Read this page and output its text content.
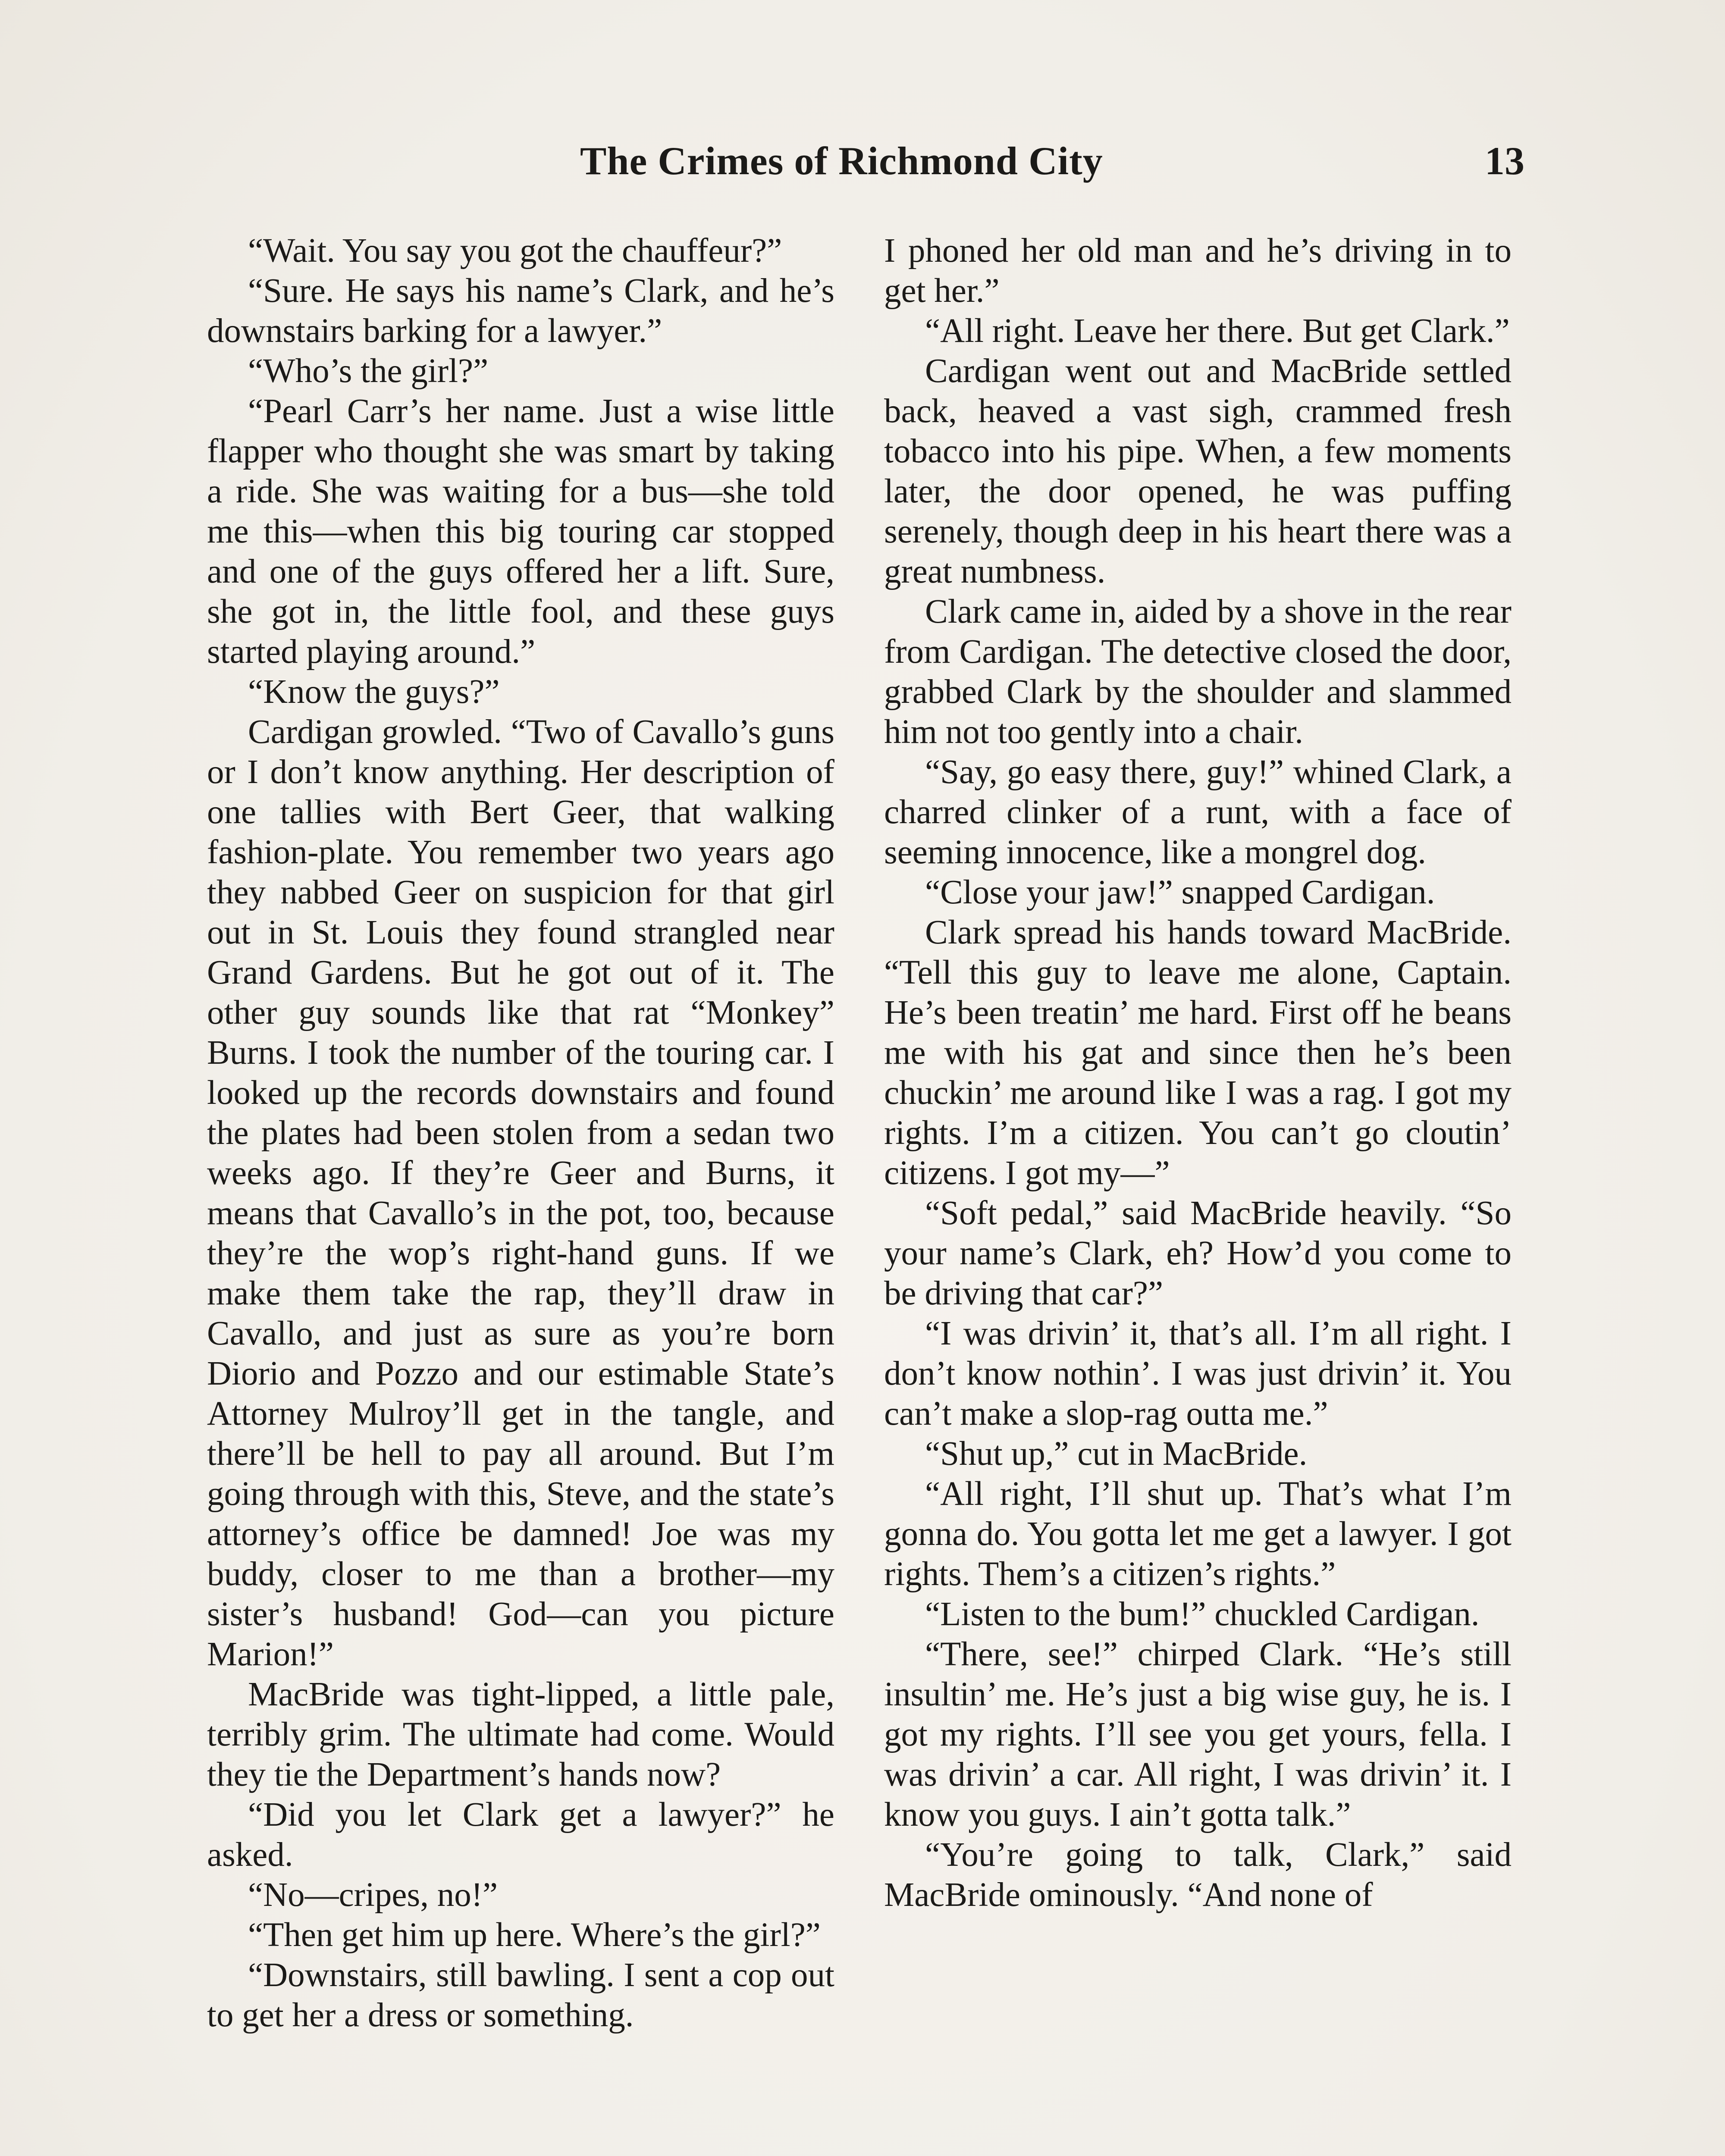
The Crimes of Richmond City	13

“Wait. You say you got the chauffeur?”

“Sure. He says his name’s Clark, and he’s downstairs barking for a lawyer.”

“Who’s the girl?”

“Pearl Carr’s her name. Just a wise little flapper who thought she was smart by taking a ride. She was waiting for a bus—she told me this—when this big touring car stopped and one of the guys offered her a lift. Sure, she got in, the little fool, and these guys started playing around.”

“Know the guys?”

Cardigan growled. “Two of Cavallo’s guns or I don’t know anything. Her description of one tallies with Bert Geer, that walking fashion-plate. You remember two years ago they nabbed Geer on suspicion for that girl out in St. Louis they found strangled near Grand Gardens. But he got out of it. The other guy sounds like that rat “Monkey” Burns. I took the number of the touring car. I looked up the records downstairs and found the plates had been stolen from a sedan two weeks ago. If they’re Geer and Burns, it means that Cavallo’s in the pot, too, because they’re the wop’s right-hand guns. If we make them take the rap, they’ll draw in Cavallo, and just as sure as you’re born Diorio and Pozzo and our estimable State’s Attorney Mulroy’ll get in the tangle, and there’ll be hell to pay all around. But I’m going through with this, Steve, and the state’s attorney’s office be damned! Joe was my buddy, closer to me than a brother—my sister’s husband! God—can you picture Marion!”

MacBride was tight-lipped, a little pale, terribly grim. The ultimate had come. Would they tie the Department’s hands now?

“Did you let Clark get a lawyer?” he asked.

“No—cripes, no!”

“Then get him up here. Where’s the girl?”

“Downstairs, still bawling. I sent a cop out to get her a dress or something.

I phoned her old man and he’s driving in to get her.”

“All right. Leave her there. But get Clark.”

Cardigan went out and MacBride settled back, heaved a vast sigh, crammed fresh tobacco into his pipe. When, a few moments later, the door opened, he was puffing serenely, though deep in his heart there was a great numbness.

Clark came in, aided by a shove in the rear from Cardigan. The detective closed the door, grabbed Clark by the shoulder and slammed him not too gently into a chair.

“Say, go easy there, guy!” whined Clark, a charred clinker of a runt, with a face of seeming innocence, like a mongrel dog.

“Close your jaw!” snapped Cardigan.

Clark spread his hands toward MacBride. “Tell this guy to leave me alone, Captain. He’s been treatin’ me hard. First off he beans me with his gat and since then he’s been chuckin’ me around like I was a rag. I got my rights. I’m a citizen. You can’t go cloutin’ citizens. I got my—”

“Soft pedal,” said MacBride heavily. “So your name’s Clark, eh? How’d you come to be driving that car?”

“I was drivin’ it, that’s all. I’m all right. I don’t know nothin’. I was just drivin’ it. You can’t make a slop-rag outta me.”

“Shut up,” cut in MacBride.

“All right, I’ll shut up. That’s what I’m gonna do. You gotta let me get a lawyer. I got rights. Them’s a citizen’s rights.”

“Listen to the bum!” chuckled Cardigan.

“There, see!” chirped Clark. “He’s still insultin’ me. He’s just a big wise guy, he is. I got my rights. I’ll see you get yours, fella. I was drivin’ a car. All right, I was drivin’ it. I know you guys. I ain’t gotta talk.”

“You’re going to talk, Clark,” said MacBride ominously. “And none of
